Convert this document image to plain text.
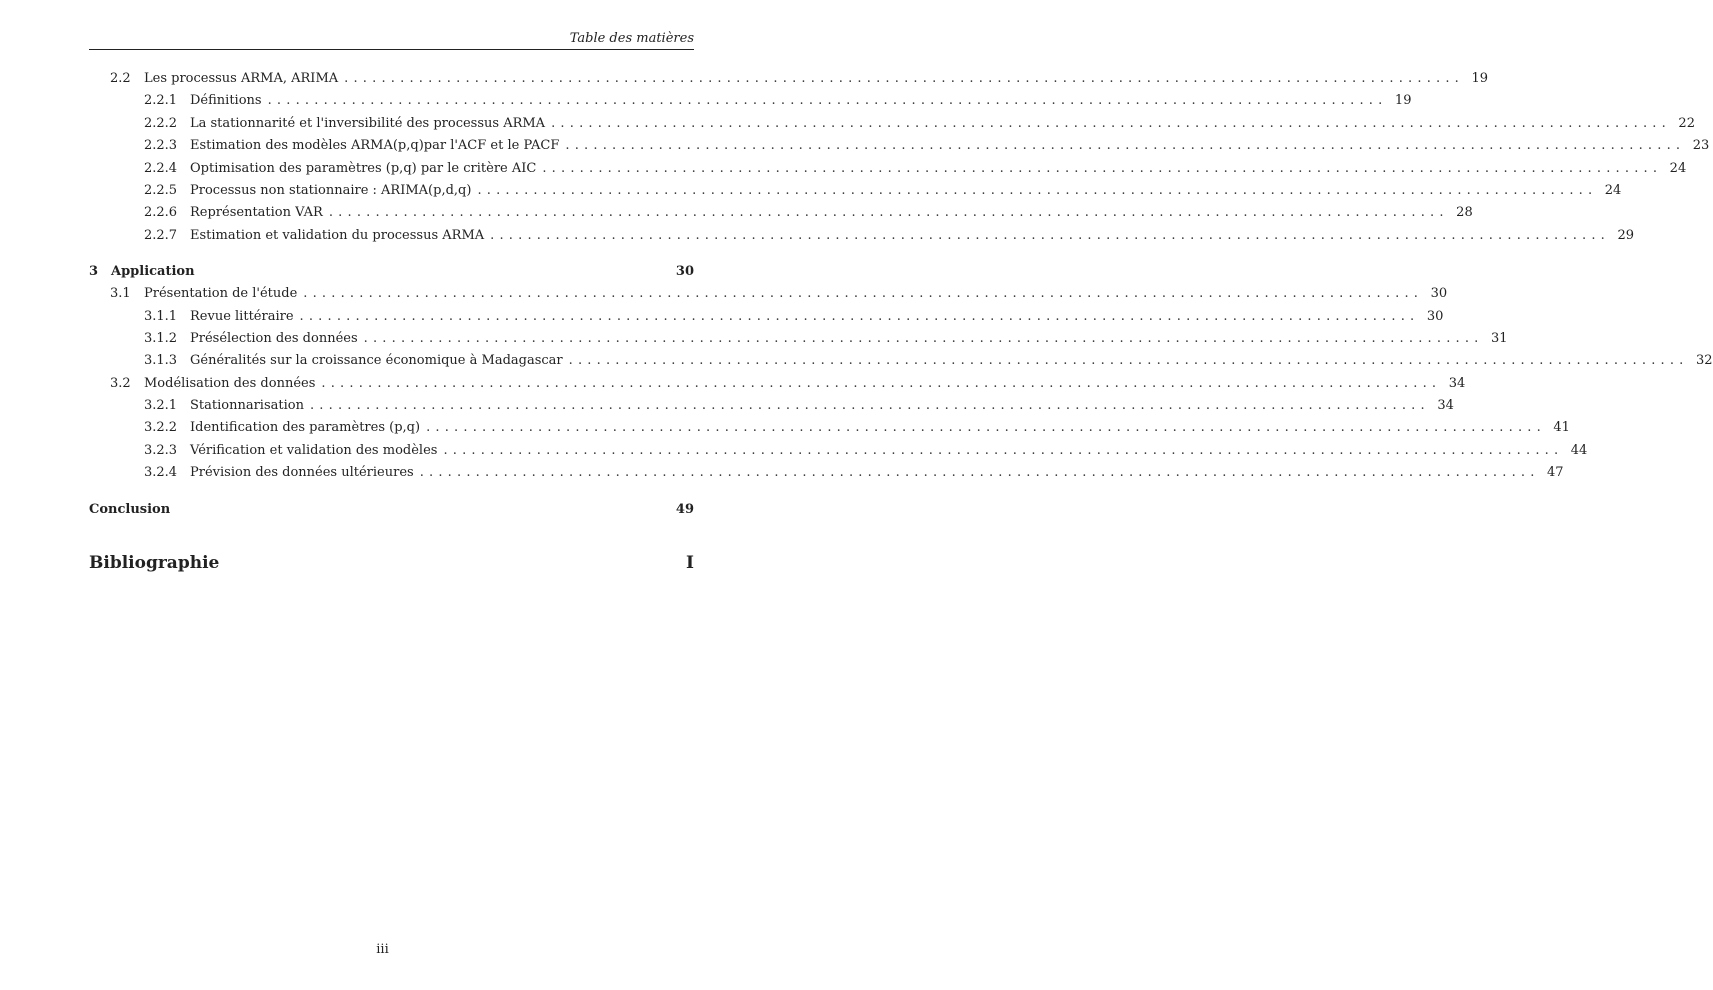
Table des matières
2.2	Les processus ARMA, ARIMA ........................................................................................................................ 19
2.2.1 Définitions ........................................................................................................................ 19
2.2.2 La stationnarité et l'inversibilité des processus ARMA ........................................................................................................................ 22
2.2.3 Estimation des modèles ARMA(p,q)par l'ACF et le PACF ........................................................................................................................ 23
2.2.4 Optimisation des paramètres (p,q) par le critère AIC ........................................................................................................................ 24
2.2.5 Processus non stationnaire : ARIMA(p,d,q) ........................................................................................................................ 24
2.2.6 Représentation VAR ........................................................................................................................ 28
2.2.7 Estimation et validation du processus ARMA ........................................................................................................................ 29
3 Application	30
3.1	Présentation de l'étude ........................................................................................................................ 30
3.1.1 Revue littéraire ........................................................................................................................ 30
3.1.2 Présélection des données ........................................................................................................................ 31
3.1.3 Généralités sur la croissance économique à Madagascar ........................................................................................................................ 32
3.2	Modélisation des données ........................................................................................................................ 34
3.2.1 Stationnarisation ........................................................................................................................ 34
3.2.2 Identification des paramètres (p,q) ........................................................................................................................ 41
3.2.3 Vérification et validation des modèles ........................................................................................................................ 44
3.2.4 Prévision des données ultérieures ........................................................................................................................ 47
Conclusion	49
Bibliographie	I
iii
